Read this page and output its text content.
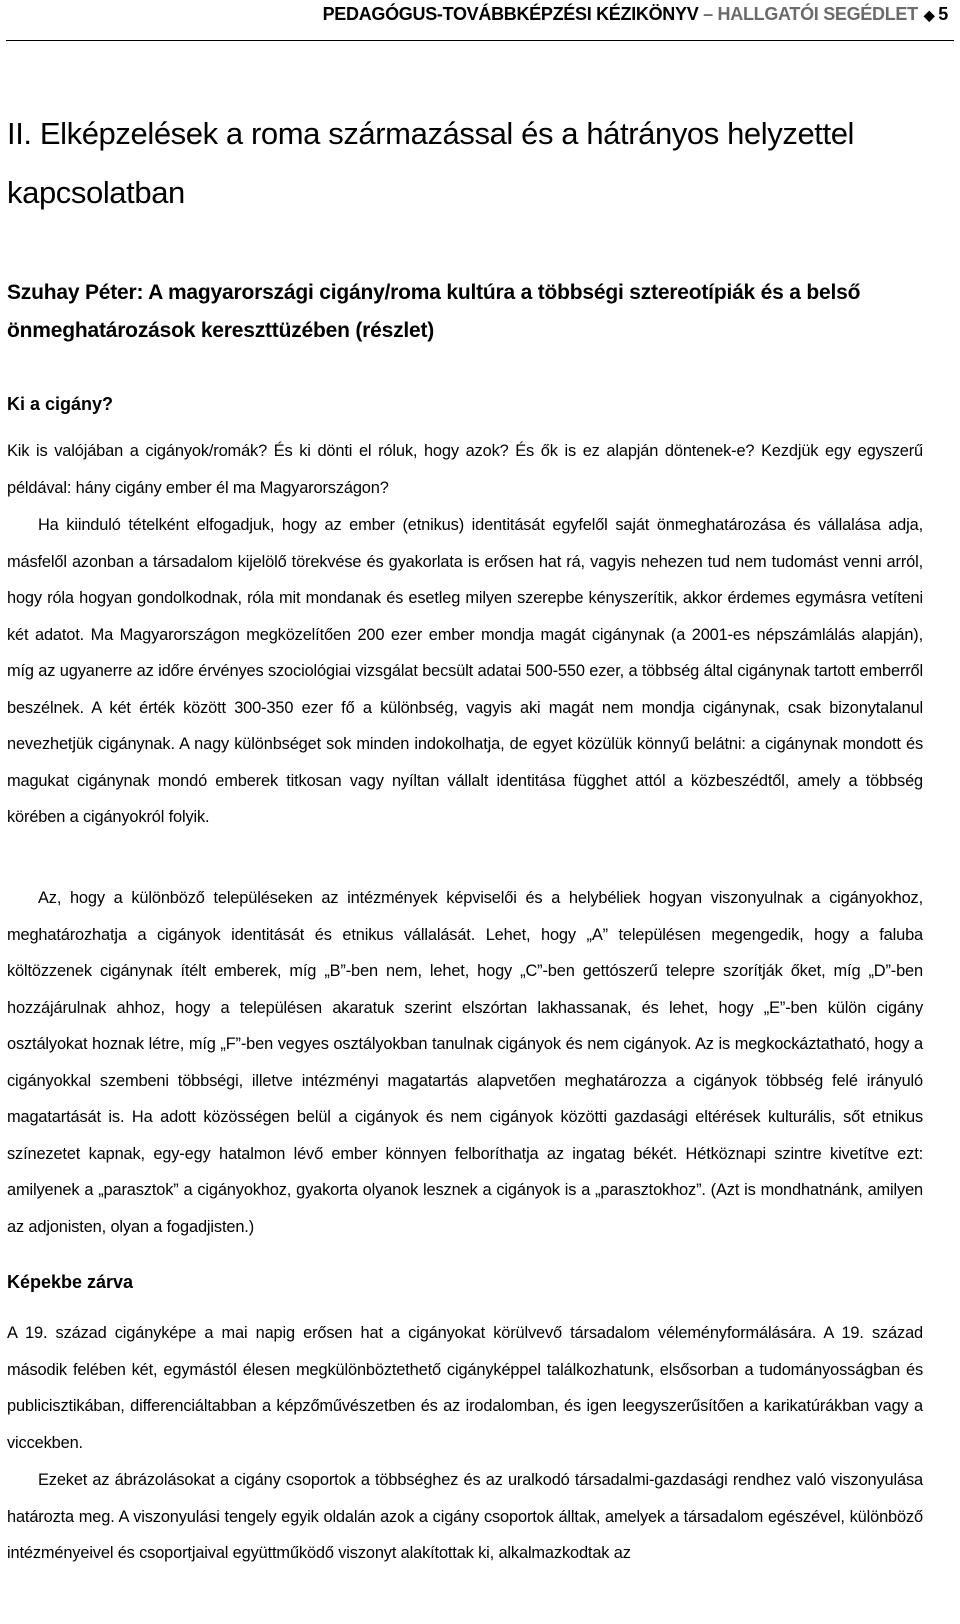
PEDAGÓGUS-TOVÁBBKÉPZÉSI KÉZIKÖNYV – HALLGATÓI SEGÉDLET ◆ 5
II. Elképzelések a roma származással és a hátrányos helyzettel kapcsolatban
Szuhay Péter: A magyarországi cigány/roma kultúra a többségi sztereotípiák és a belső önmeghatározások kereszttüzében (részlet)
Ki a cigány?

Kik is valójában a cigányok/romák? És ki dönti el róluk, hogy azok? És ők is ez alapján döntenek-e? Kezdjük egy egyszerű példával: hány cigány ember él ma Magyarországon?

Ha kiinduló tételként elfogadjuk, hogy az ember (etnikus) identitását egyfelől saját önmeghatározása és vállalása adja, másfelől azonban a társadalom kijelölő törekvése és gyakorlata is erősen hat rá, vagyis nehezen tud nem tudomást venni arról, hogy róla hogyan gondolkodnak, róla mit mondanak és esetleg milyen szerepbe kényszerítik, akkor érdemes egymásra vetíteni két adatot. Ma Magyarországon megközelítően 200 ezer ember mondja magát cigánynak (a 2001-es népszámlálás alapján), míg az ugyanerre az időre érvényes szociológiai vizsgálat becsült adatai 500-550 ezer, a többség által cigánynak tartott emberről beszélnek. A két érték között 300-350 ezer fő a különbség, vagyis aki magát nem mondja cigánynak, csak bizonytalanul nevezhetjük cigánynak. A nagy különbséget sok minden indokolhatja, de egyet közülük könnyű belátni: a cigánynak mondott és magukat cigánynak mondó emberek titkosan vagy nyíltan vállalt identitása függhet attól a közbeszédtől, amely a többség körében a cigányokról folyik.

Az, hogy a különböző településeken az intézmények képviselői és a helybéliek hogyan viszonyulnak a cigányokhoz, meghatározhatja a cigányok identitását és etnikus vállalását. Lehet, hogy „A” településen megengedik, hogy a faluba költözzenek cigánynak ítélt emberek, míg „B”-ben nem, lehet, hogy „C”-ben gettószerű telepre szorítják őket, míg „D”-ben hozzájárulnak ahhoz, hogy a településen akaratuk szerint elszórtan lakhassanak, és lehet, hogy „E”-ben külön cigány osztályokat hoznak létre, míg „F”-ben vegyes osztályokban tanulnak cigányok és nem cigányok. Az is megkockáztatható, hogy a cigányokkal szembeni többségi, illetve intézményi magatartás alapvetően meghatározza a cigányok többség felé irányuló magatartását is. Ha adott közösségen belül a cigányok és nem cigányok közötti gazdasági eltérések kulturális, sőt etnikus színezetet kapnak, egy-egy hatalmon lévő ember könnyen felboríthatja az ingatag békét. Hétköznapi szintre kivetítve ezt: amilyenek a „parasztok” a cigányokhoz, gyakorta olyanok lesznek a cigányok is a „parasztokhoz”. (Azt is mondhatnánk, amilyen az adjonisten, olyan a fogadjisten.)

Képekbe zárva

A 19. század cigányképe a mai napig erősen hat a cigányokat körülvevő társadalom véleményformálására. A 19. század második felében két, egymástól élesen megkülönböztethető cigányképpel találkozhatunk, elsősorban a tudományosságban és publicisztikában, differenciáltabban a képzőművészetben és az irodalomban, és igen leegyszerűsítően a karikatúrákban vagy a viccekben.

Ezeket az ábrázolásokat a cigány csoportok a többséghez és az uralkodó társadalmi-gazdasági rendhez való viszonyulása határozta meg. A viszonyulási tengely egyik oldalán azok a cigány csoportok álltak, amelyek a társadalom egészével, különböző intézményeivel és csoportjaival együttműködő viszonyt alakítottak ki, alkalmazkodtak az
